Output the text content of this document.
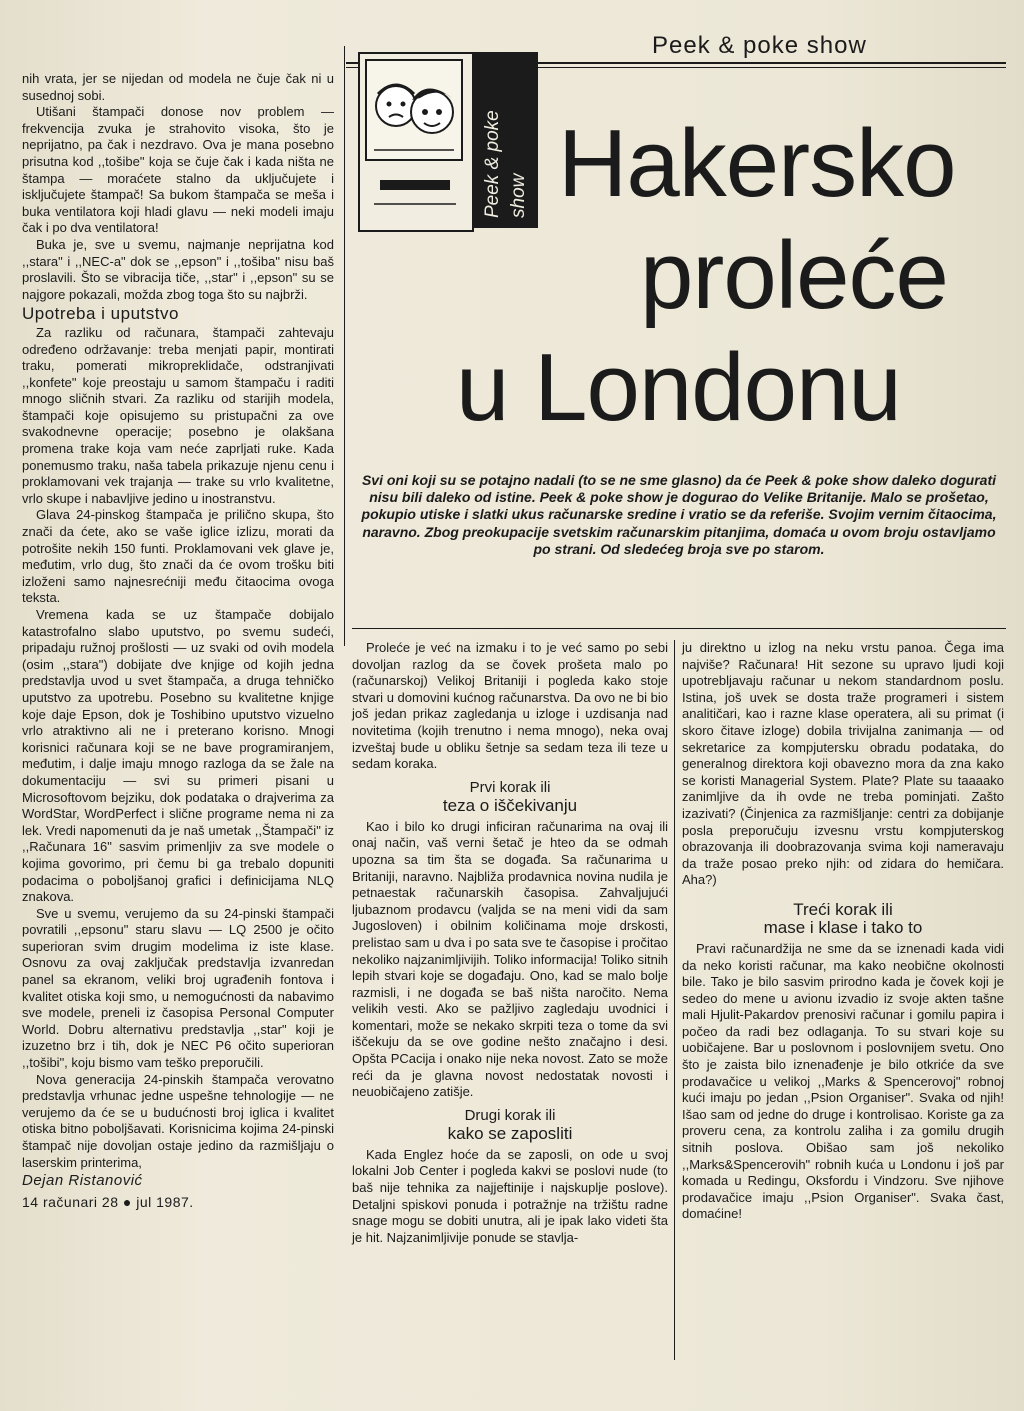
Peek & poke show
Peek & poke show Hakersko
proleće
u Londonu
Svi oni koji su se potajno nadali (to se ne sme glasno) da će Peek & poke show daleko dogurati nisu bili daleko od istine. Peek & poke show je dogurao do Velike Britanije. Malo se prošetao, pokupio utiske i slatki ukus računarske sredine i vratio se da referiše. Svojim vernim čitaocima, naravno. Zbog preokupacije svetskim računarskim pitanjima, domaća u ovom broju ostavljamo po strani. Od sledećeg broja sve po starom.

nih vrata, jer se nijedan od modela ne čuje čak ni u susednoj sobi.

Utišani štampači donose nov problem — frekvencija zvuka je strahovito visoka, što je neprijatno, pa čak i nezdravo. Ova je mana posebno prisutna kod ,,tošibe" koja se čuje čak i kada ništa ne štampa — moraćete stalno da uključujete i isključujete štampač! Sa bukom štampača se meša i buka ventilatora koji hladi glavu — neki modeli imaju čak i po dva ventilatora!

Buka je, sve u svemu, najmanje neprijatna kod ,,stara" i ,,NEC-a" dok se ,,epson" i ,,tošiba" nisu baš proslavili. Što se vibracija tiče, ,,star" i ,,epson" su se najgore pokazali, možda zbog toga što su najbrži.

Upotreba i uputstvo

Za razliku od računara, štampači zahtevaju određeno održavanje: treba menjati papir, montirati traku, pomerati mikropreklidače, odstranjivati ,,konfete" koje preostaju u samom štampaču i raditi mnogo sličnih stvari. Za razliku od starijih modela, štampači koje opisujemo su pristupačni za ove svakodnevne operacije; posebno je olakšana promena trake koja vam neće zaprljati ruke. Kada ponemusmo traku, naša tabela prikazuje njenu cenu i proklamovani vek trajanja — trake su vrlo kvalitetne, vrlo skupe i nabavljive jedino u inostranstvu.

Glava 24-pinskog štampača je prilično skupa, što znači da ćete, ako se vaše iglice izlizu, morati da potrošite nekih 150 funti. Proklamovani vek glave je, međutim, vrlo dug, što znači da će ovom trošku biti izloženi samo najnesrećniji među čitaocima ovoga teksta.

Vremena kada se uz štampače dobijalo katastrofalno slabo uputstvo, po svemu sudeći, pripadaju ružnoj prošlosti — uz svaki od ovih modela (osim ,,stara") dobijate dve knjige od kojih jedna predstavlja uvod u svet štampača, a druga tehničko uputstvo za upotrebu. Posebno su kvalitetne knjige koje daje Epson, dok je Toshibino uputstvo vizuelno vrlo atraktivno ali ne i preterano korisno. Mnogi korisnici računara koji se ne bave programiranjem, međutim, i dalje imaju mnogo razloga da se žale na dokumentaciju — svi su primeri pisani u Microsoftovom bejziku, dok podataka o drajverima za WordStar, WordPerfect i slične programe nema ni za lek. Vredi napomenuti da je naš umetak ,,Štampači" iz ,,Računara 16" sasvim primenljiv za sve modele o kojima govorimo, pri čemu bi ga trebalo dopuniti podacima o poboljšanoj grafici i definicijama NLQ znakova.

Sve u svemu, verujemo da su 24-pinski štampači povratili ,,epsonu" staru slavu — LQ 2500 je očito superioran svim drugim modelima iz iste klase. Osnovu za ovaj zaključak predstavlja izvanredan panel sa ekranom, veliki broj ugrađenih fontova i kvalitet otiska koji smo, u nemogućnosti da nabavimo sve modele, preneli iz časopisa Personal Computer World. Dobru alternativu predstavlja ,,star" koji je izuzetno brz i tih, dok je NEC P6 očito superioran ,,tošibi", koju bismo vam teško preporučili.

Nova generacija 24-pinskih štampača verovatno predstavlja vrhunac jedne uspešne tehnologije — ne verujemo da će se u budućnosti broj iglica i kvalitet otiska bitno poboljšavati. Korisnicima kojima 24-pinski štampač nije dovoljan ostaje jedino da razmišljaju o laserskim printerima,

Dejan Ristanović
14 računari 28 ● jul 1987.

Proleće je već na izmaku i to je već samo po sebi dovoljan razlog da se čovek prošeta malo po (računarskoj) Velikoj Britaniji i pogleda kako stoje stvari u domovini kućnog računarstva. Da ovo ne bi bio još jedan prikaz zagledanja u izloge i uzdisanja nad novitetima (kojih trenutno i nema mnogo), neka ovaj izveštaj bude u obliku šetnje sa sedam teza ili teze u sedam koraka.

Prvi korak ili
teza o iščekivanju

Kao i bilo ko drugi inficiran računarima na ovaj ili onaj način, vaš verni šetač je hteo da se odmah upozna sa tim šta se događa. Sa računarima u Britaniji, naravno. Najbliža prodavnica novina nudila je petnaestak računarskih časopisa. Zahvaljujući ljubaznom prodavcu (valjda se na meni vidi da sam Jugosloven) i obilnim količinama moje drskosti, prelistao sam u dva i po sata sve te časopise i pročitao nekoliko najzanimljivijih. Toliko informacija! Toliko sitnih lepih stvari koje se događaju. Ono, kad se malo bolje razmisli, i ne događa se baš ništa naročito. Nema velikih vesti. Ako se pažljivo zagledaju uvodnici i komentari, može se nekako skrpiti teza o tome da svi iščekuju da se ove godine nešto značajno i desi. Opšta PCacija i onako nije neka novost. Zato se može reći da je glavna novost nedostatak novosti i neuobičajeno zatišje.

Drugi korak ili
kako se zaposliti

Kada Englez hoće da se zaposli, on ode u svoj lokalni Job Center i pogleda kakvi se poslovi nude (to baš nije tehnika za najjeftinije i najskuplje poslove). Detaljni spiskovi ponuda i potražnje na tržištu radne snage mogu se dobiti unutra, ali je ipak lako videti šta je hit. Najzanimljivije ponude se stavlja-

ju direktno u izlog na neku vrstu panoa. Čega ima najviše? Računara! Hit sezone su upravo ljudi koji upotrebljavaju računar u nekom standardnom poslu. Istina, još uvek se dosta traže programeri i sistem analitičari, kao i razne klase operatera, ali su primat (i skoro čitave izloge) dobila trivijalna zanimanja — od sekretarice za kompjutersku obradu podataka, do generalnog direktora koji obavezno mora da zna kako se koristi Managerial System. Plate? Plate su taaaako zanimljive da ih ovde ne treba pominjati. Zašto izazivati? (Činjenica za razmišljanje: centri za dobijanje posla preporučuju izvesnu vrstu kompjuterskog obrazovanja ili doobrazovanja svima koji nameravaju da traže posao preko njih: od zidara do hemičara. Aha?)

Treći korak ili
mase i klase i tako to

Pravi računardžija ne sme da se iznenadi kada vidi da neko koristi računar, ma kako neobične okolnosti bile. Tako je bilo sasvim prirodno kada je čovek koji je sedeo do mene u avionu izvadio iz svoje akten tašne mali Hjulit-Pakardov prenosivi računar i gomilu papira i počeo da radi bez odlaganja. To su stvari koje su uobičajene. Bar u poslovnom i poslovnijem svetu. Ono što je zaista bilo iznenađenje je bilo otkriće da sve prodavačice u velikoj ,,Marks & Spencerovoj" robnoj kući imaju po jedan ,,Psion Organiser". Svaka od njih! Išao sam od jedne do druge i kontrolisao. Koriste ga za proveru cena, za kontrolu zaliha i za gomilu drugih sitnih poslova. Obišao sam još nekoliko ,,Marks&Spencerovih" robnih kuća u Londonu i još par komada u Redingu, Oksfordu i Vindzoru. Sve njihove prodavačice imaju ,,Psion Organiser". Svaka čast, domaćine!
